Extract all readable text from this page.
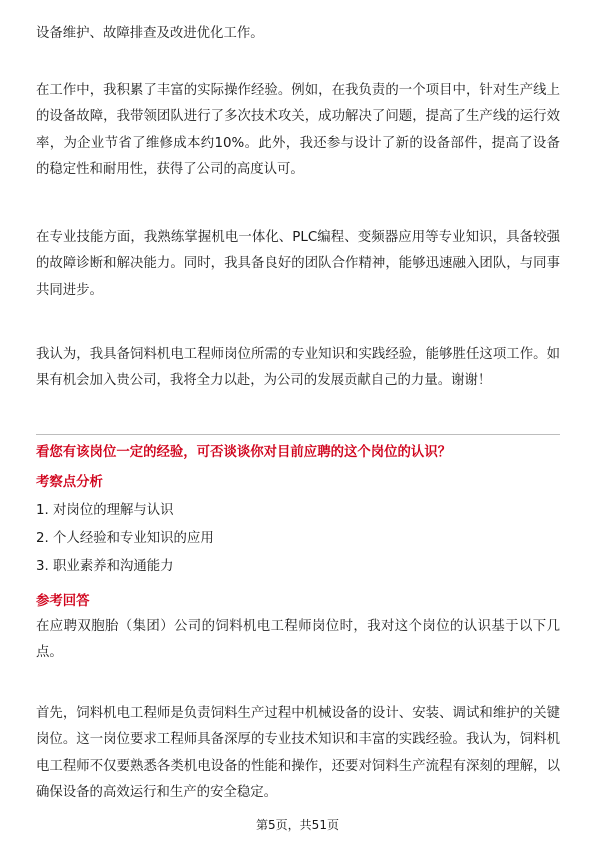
设备维护、故障排查及改进优化工作。

在工作中，我积累了丰富的实际操作经验。例如，在我负责的一个项目中，针对生产线上的设备故障，我带领团队进行了多次技术攻关，成功解决了问题，提高了生产线的运行效率，为企业节省了维修成本约10%。此外，我还参与设计了新的设备部件，提高了设备的稳定性和耐用性，获得了公司的高度认可。

在专业技能方面，我熟练掌握机电一体化、PLC编程、变频器应用等专业知识，具备较强的故障诊断和解决能力。同时，我具备良好的团队合作精神，能够迅速融入团队，与同事共同进步。

我认为，我具备饲料机电工程师岗位所需的专业知识和实践经验，能够胜任这项工作。如果有机会加入贵公司，我将全力以赴，为公司的发展贡献自己的力量。谢谢！

看您有该岗位一定的经验，可否谈谈你对目前应聘的这个岗位的认识？

考察点分析

1. 对岗位的理解与认识

2. 个人经验和专业知识的应用

3. 职业素养和沟通能力

参考回答

在应聘双胞胎（集团）公司的饲料机电工程师岗位时，我对这个岗位的认识基于以下几点。

首先，饲料机电工程师是负责饲料生产过程中机械设备的设计、安装、调试和维护的关键岗位。这一岗位要求工程师具备深厚的专业技术知识和丰富的实践经验。我认为，饲料机电工程师不仅要熟悉各类机电设备的性能和操作，还要对饲料生产流程有深刻的理解，以确保设备的高效运行和生产的安全稳定。

第5页，共51页
